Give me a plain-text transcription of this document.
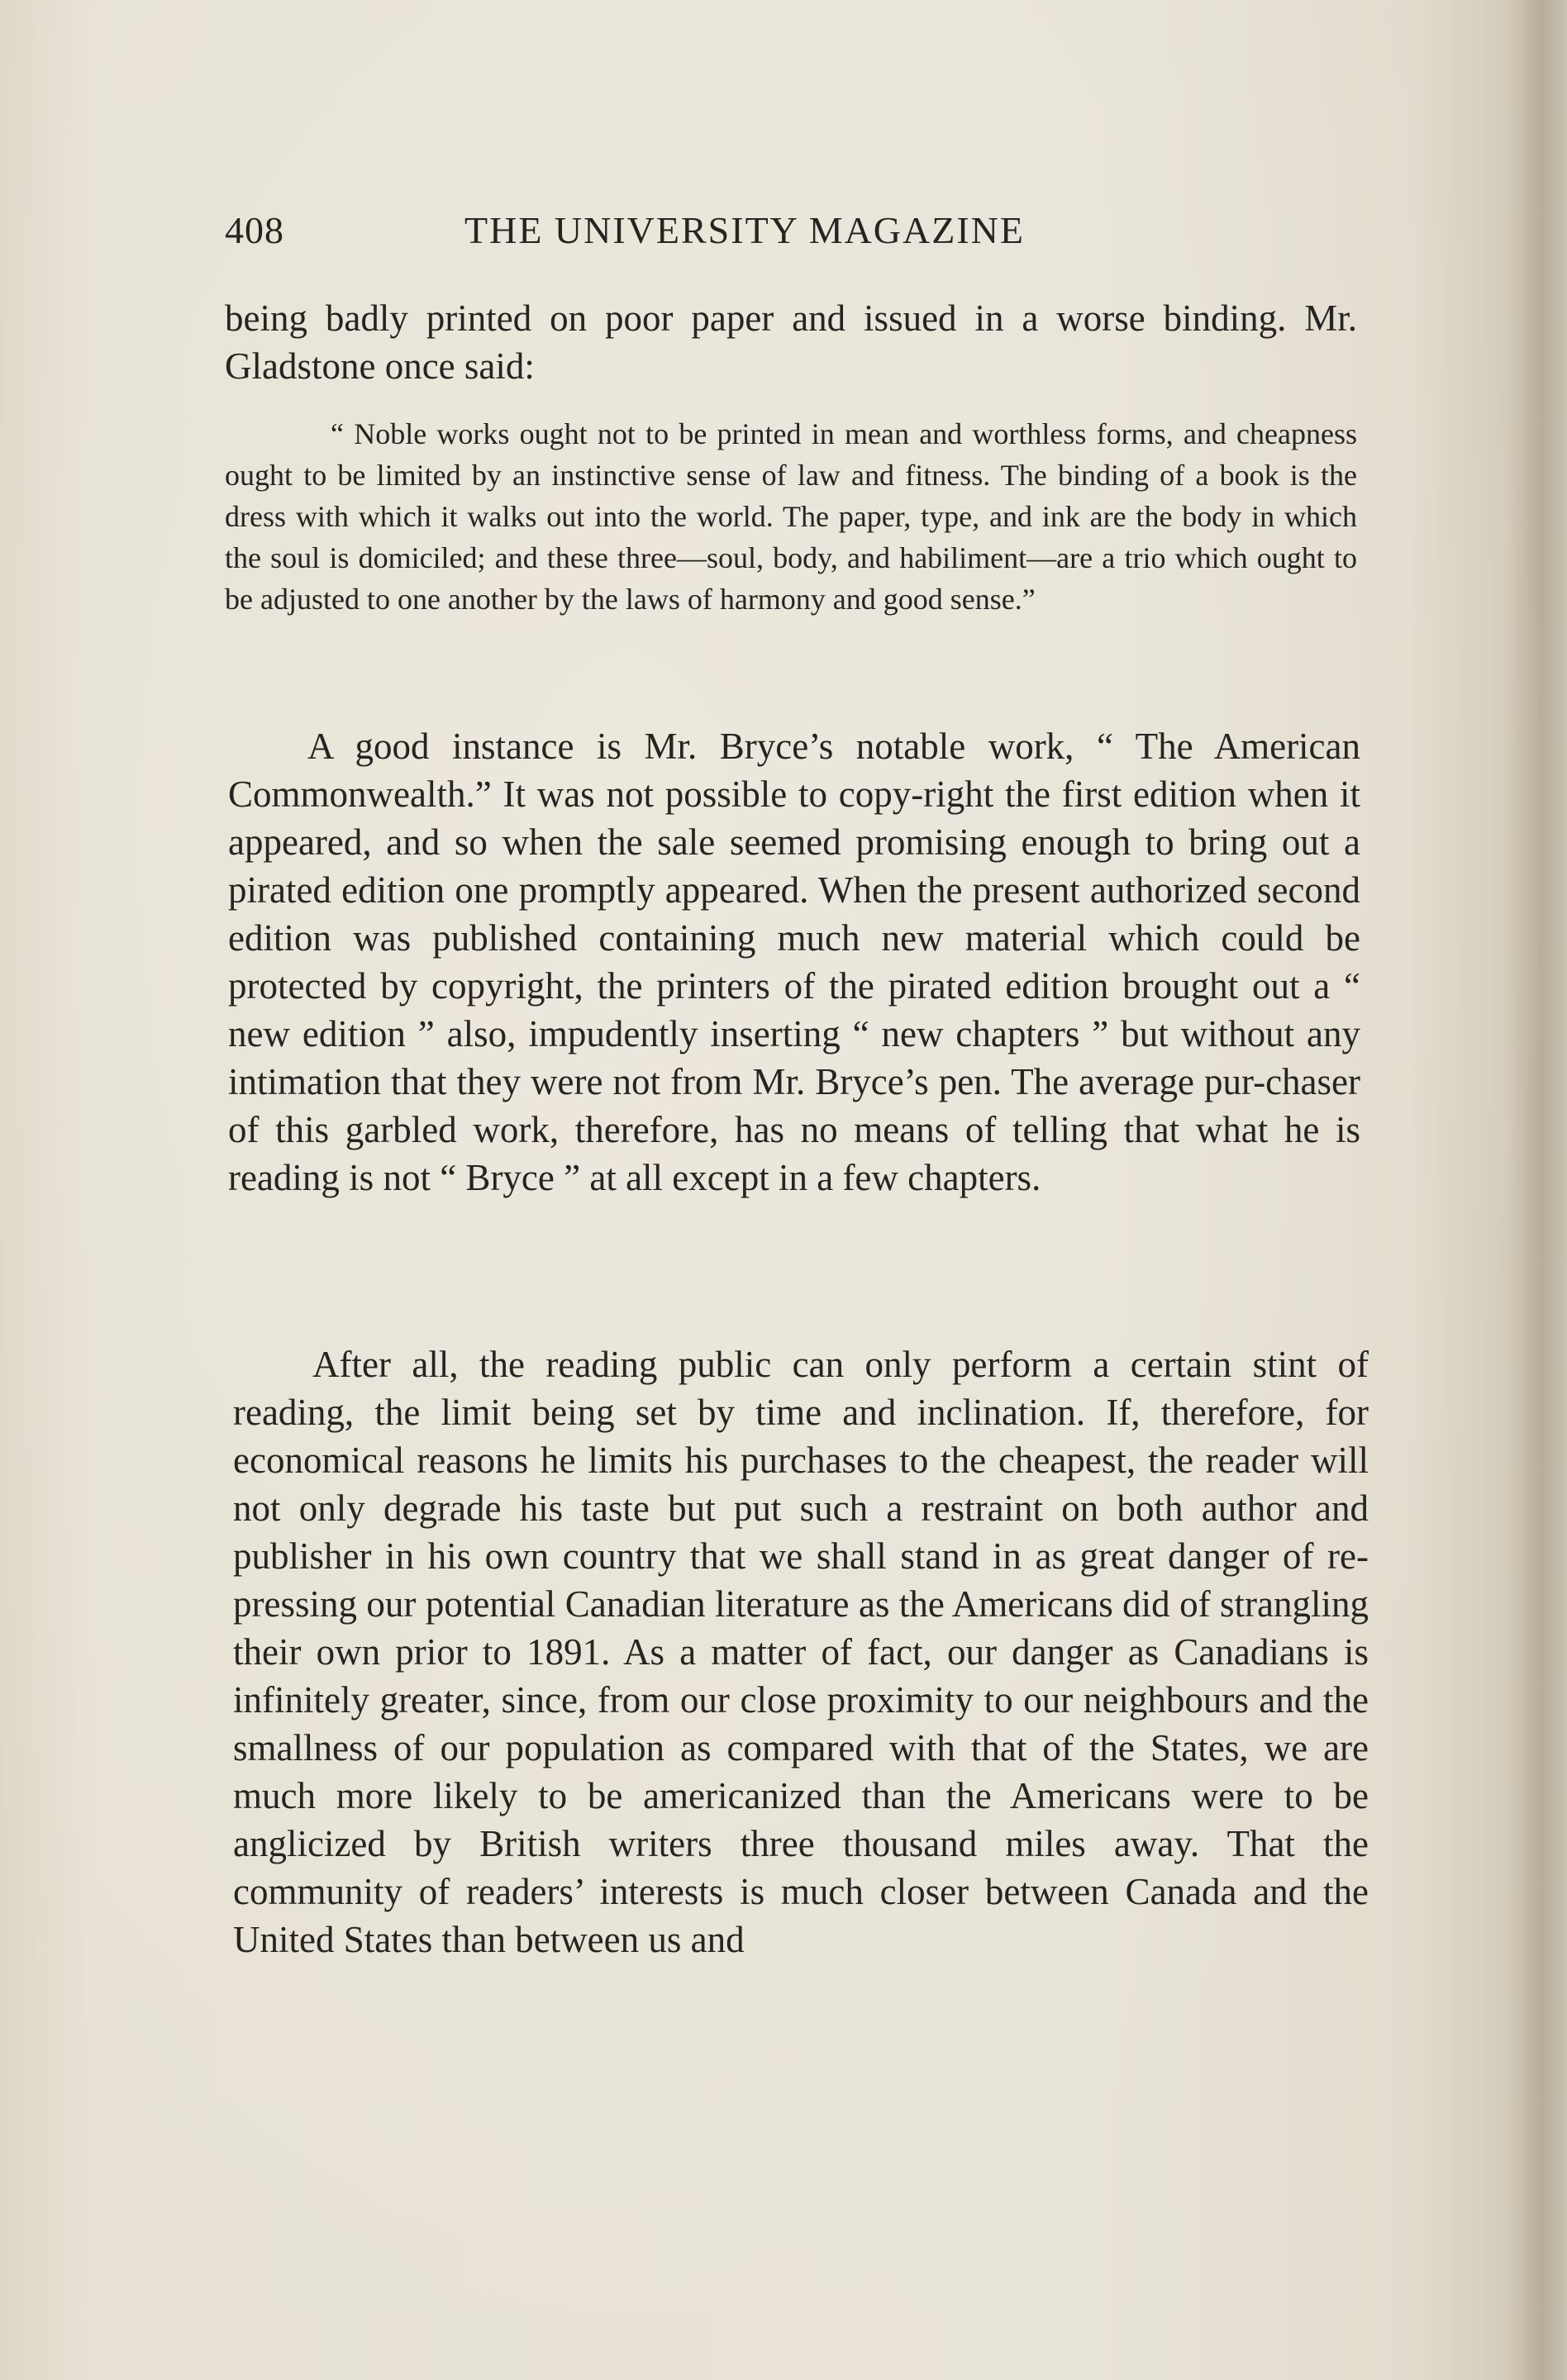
408	THE UNIVERSITY MAGAZINE

being badly printed on poor paper and issued in a worse binding. Mr. Gladstone once said:

“ Noble works ought not to be printed in mean and worthless forms, and cheapness ought to be limited by an instinctive sense of law and fitness. The binding of a book is the dress with which it walks out into the world. The paper, type, and ink are the body in which the soul is domiciled; and these three—soul, body, and habiliment—are a trio which ought to be adjusted to one another by the laws of harmony and good sense.”

A good instance is Mr. Bryce’s notable work, “ The American Commonwealth.” It was not possible to copy-right the first edition when it appeared, and so when the sale seemed promising enough to bring out a pirated edition one promptly appeared. When the present authorized second edition was published containing much new material which could be protected by copyright, the printers of the pirated edition brought out a “ new edition ” also, impudently inserting “ new chapters ” but without any intimation that they were not from Mr. Bryce’s pen. The average pur-chaser of this garbled work, therefore, has no means of telling that what he is reading is not “ Bryce ” at all except in a few chapters.

After all, the reading public can only perform a certain stint of reading, the limit being set by time and inclination. If, therefore, for economical reasons he limits his purchases to the cheapest, the reader will not only degrade his taste but put such a restraint on both author and publisher in his own country that we shall stand in as great danger of re-pressing our potential Canadian literature as the Americans did of strangling their own prior to 1891. As a matter of fact, our danger as Canadians is infinitely greater, since, from our close proximity to our neighbours and the smallness of our population as compared with that of the States, we are much more likely to be americanized than the Americans were to be anglicized by British writers three thousand miles away. That the community of readers’ interests is much closer between Canada and the United States than between us and
